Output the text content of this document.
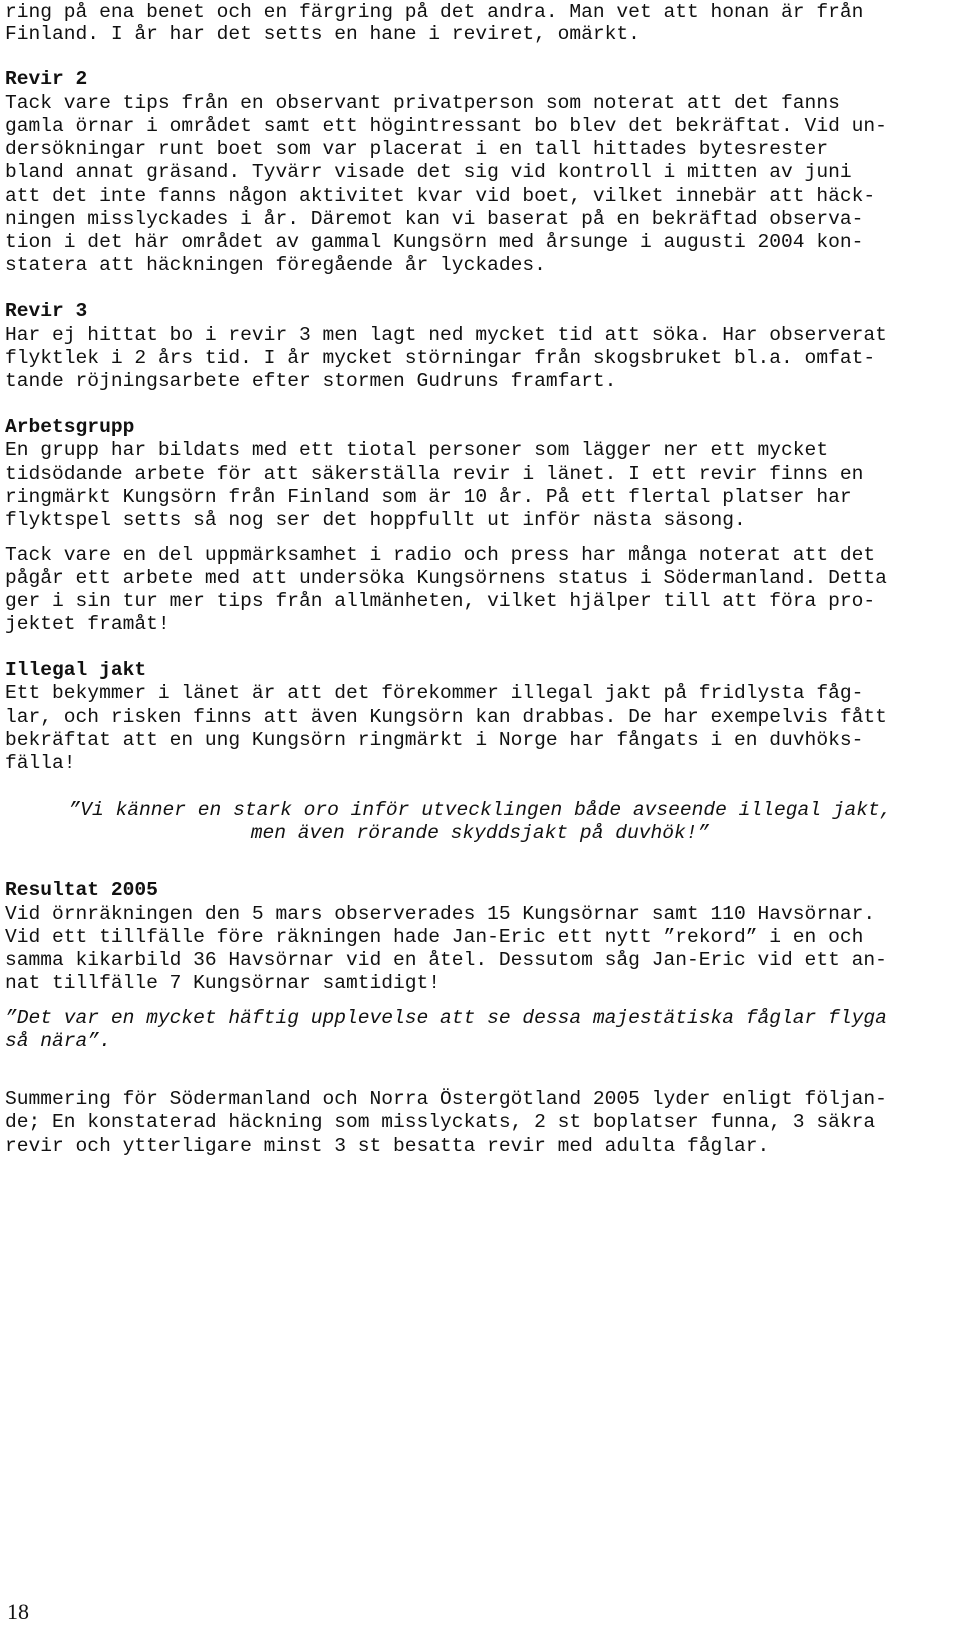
ring på ena benet och en färgring på det andra. Man vet att honan är från
Finland. I år har det setts en hane i reviret, omärkt.
Revir 2
Tack vare tips från en observant privatperson som noterat att det fanns
gamla örnar i området samt ett högintressant bo blev det bekräftat. Vid un-
dersökningar runt boet som var placerat i en tall hittades bytesrester
bland annat gräsand. Tyvärr visade det sig vid kontroll i mitten av juni
att det inte fanns någon aktivitet kvar vid boet, vilket innebär att häck-
ningen misslyckades i år. Däremot kan vi baserat på en bekräftad observa-
tion i det här området av gammal Kungsörn med årsunge i augusti 2004 kon-
statera att häckningen föregående år lyckades.
Revir 3
Har ej hittat bo i revir 3 men lagt ned mycket tid att söka. Har observerat
flyktlek i 2 års tid. I år mycket störningar från skogsbruket bl.a. omfat-
tande röjningsarbete efter stormen Gudruns framfart.
Arbetsgrupp
En grupp har bildats med ett tiotal personer som lägger ner ett mycket
tidsödande arbete för att säkerställa revir i länet. I ett revir finns en
ringmärkt Kungsörn från Finland som är 10 år. På ett flertal platser har
flyktspel setts så nog ser det hoppfullt ut inför nästa säsong.
Tack vare en del uppmärksamhet i radio och press har många noterat att det
pågår ett arbete med att undersöka Kungsörnens status i Södermanland. Detta
ger i sin tur mer tips från allmänheten, vilket hjälper till att föra pro-
jektet framåt!
Illegal jakt
Ett bekymmer i länet är att det förekommer illegal jakt på fridlysta fåg-
lar, och risken finns att även Kungsörn kan drabbas. De har exempelvis fått
bekräftat att en ung Kungsörn ringmärkt i Norge har fångats i en duvhöks-
fälla!
”Vi känner en stark oro inför utvecklingen både avseende illegal jakt,
men även rörande skyddsjakt på duvhök!”
Resultat 2005
Vid örnräkningen den 5 mars observerades 15 Kungsörnar samt 110 Havsörnar.
Vid ett tillfälle före räkningen hade Jan-Eric ett nytt ”rekord” i en och
samma kikarbild 36 Havsörnar vid en åtel. Dessutom såg Jan-Eric vid ett an-
nat tillfälle 7 Kungsörnar samtidigt!
”Det var en mycket häftig upplevelse att se dessa majestätiska fåglar flyga
så nära”.
Summering för Södermanland och Norra Östergötland 2005 lyder enligt följan-
de; En konstaterad häckning som misslyckats, 2 st boplatser funna, 3 säkra
revir och ytterligare minst 3 st besatta revir med adulta fåglar.
18
